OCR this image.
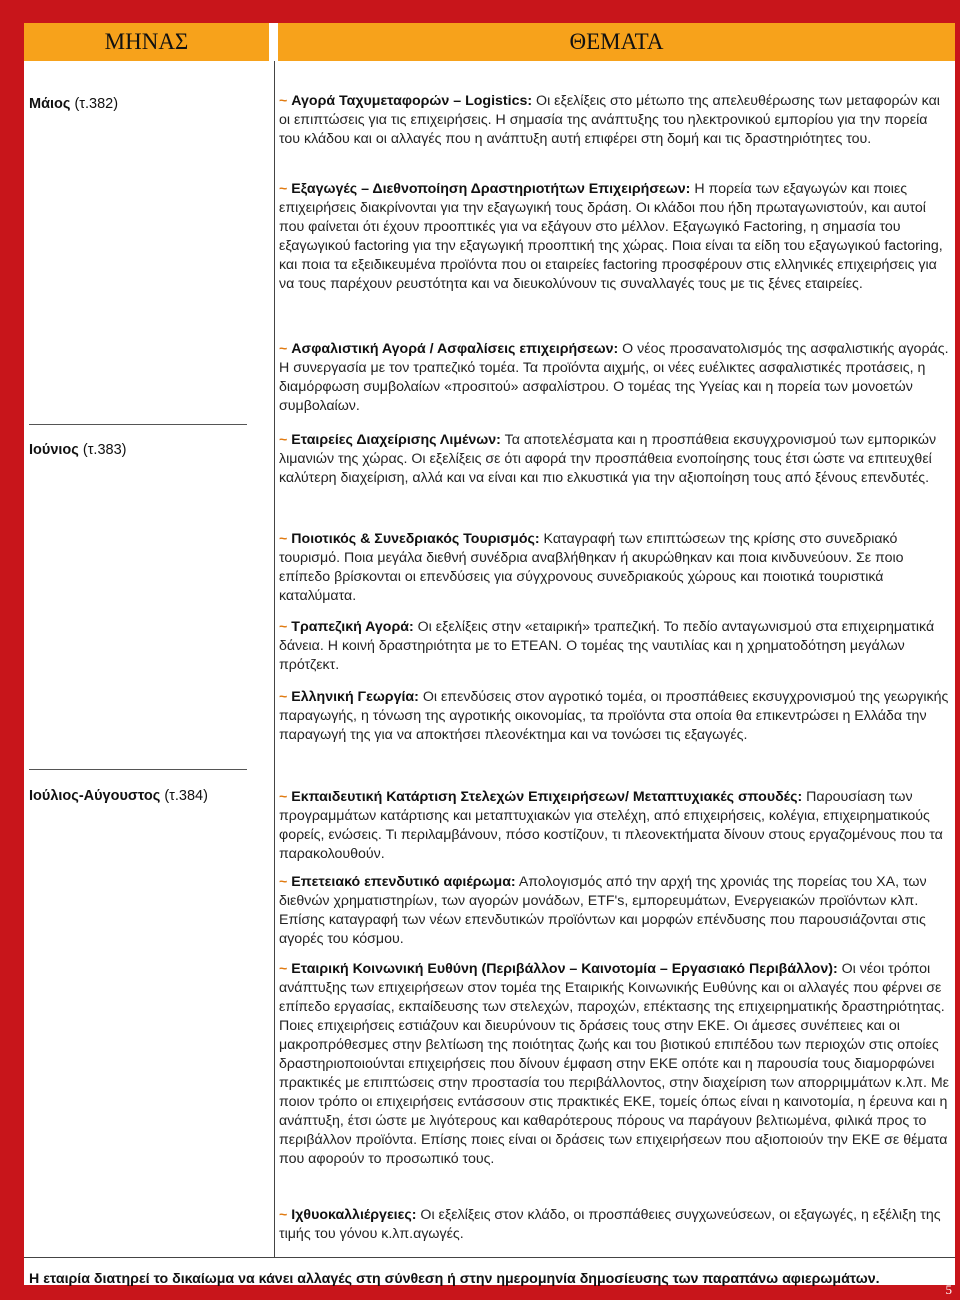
ΜΗΝΑΣ	ΘΕΜΑΤΑ

Μάιος (τ.382)

Ιούνιος (τ.383)

Ιούλιος-Αύγουστος (τ.384)

~ Αγορά Ταχυμεταφορών – Logistics: Οι εξελίξεις στο μέτωπο της απελευθέρωσης των μεταφορών και οι επιπτώσεις για τις επιχειρήσεις. Η σημασία της ανάπτυξης του ηλεκτρονικού εμπορίου για την πορεία του κλάδου και οι αλλαγές που η ανάπτυξη αυτή επιφέρει στη δομή και τις δραστηριότητες του.

~ Εξαγωγές – Διεθνοποίηση Δραστηριοτήτων Επιχειρήσεων: Η πορεία των εξαγωγών και ποιες επιχειρήσεις διακρίνονται για την εξαγωγική τους δράση. Οι κλάδοι που ήδη πρωταγωνιστούν, και αυτοί που φαίνεται ότι έχουν προοπτικές για να εξάγουν στο μέλλον. Εξαγωγικό Factoring, η σημασία του εξαγωγικού factoring για την εξαγωγική προοπτική της χώρας. Ποια είναι τα είδη του εξαγωγικού factoring, και ποια τα εξειδικευμένα προϊόντα που οι εταιρείες factoring προσφέρουν στις ελληνικές επιχειρήσεις για να τους παρέχουν ρευστότητα και να διευκολύνουν τις συναλλαγές τους με τις ξένες εταιρείες.

~ Ασφαλιστική Αγορά / Ασφαλίσεις επιχειρήσεων: Ο νέος προσανατολισμός της ασφαλιστικής αγοράς. Η συνεργασία με τον τραπεζικό τομέα. Τα προϊόντα αιχμής, οι νέες ευέλικτες ασφαλιστικές προτάσεις, η διαμόρφωση συμβολαίων «προσιτού» ασφαλίστρου. Ο τομέας της Υγείας και η πορεία των μονοετών συμβολαίων.

~ Εταιρείες Διαχείρισης Λιμένων: Τα αποτελέσματα και η προσπάθεια εκσυγχρονισμού των εμπορικών λιμανιών της χώρας. Οι εξελίξεις σε ότι αφορά την προσπάθεια ενοποίησης τους έτσι ώστε να επιτευχθεί καλύτερη διαχείριση, αλλά και να είναι και πιο ελκυστικά για την αξιοποίηση τους από ξένους επενδυτές.

~ Ποιοτικός & Συνεδριακός Τουρισμός: Καταγραφή των επιπτώσεων της κρίσης στο συνεδριακό τουρισμό. Ποια μεγάλα διεθνή συνέδρια αναβλήθηκαν ή ακυρώθηκαν και ποια κινδυνεύουν. Σε ποιο επίπεδο βρίσκονται οι επενδύσεις για σύγχρονους συνεδριακούς χώρους και ποιοτικά τουριστικά καταλύματα.

~ Τραπεζική Αγορά: Οι εξελίξεις στην «εταιρική» τραπεζική. Το πεδίο ανταγωνισμού στα επιχειρηματικά δάνεια. Η κοινή δραστηριότητα με το ΕΤΕΑΝ. Ο τομέας της ναυτιλίας και η χρηματοδότηση μεγάλων πρότζεκτ.

~ Ελληνική Γεωργία: Οι επενδύσεις στον αγροτικό τομέα, οι προσπάθειες εκσυγχρονισμού της γεωργικής παραγωγής, η τόνωση της αγροτικής οικονομίας, τα προϊόντα στα οποία θα επικεντρώσει η Ελλάδα την παραγωγή της για να αποκτήσει πλεονέκτημα και να τονώσει τις εξαγωγές.

~ Εκπαιδευτική Κατάρτιση Στελεχών Επιχειρήσεων/ Μεταπτυχιακές σπουδές: Παρουσίαση των προγραμμάτων κατάρτισης και μεταπτυχιακών για στελέχη, από επιχειρήσεις, κολέγια, επιχειρηματικούς φορείς, ενώσεις. Τι περιλαμβάνουν, πόσο κοστίζουν, τι πλεονεκτήματα δίνουν στους εργαζομένους που τα παρακολουθούν.

~ Επετειακό επενδυτικό αφιέρωμα: Απολογισμός από την αρχή της χρονιάς της πορείας του ΧΑ, των διεθνών χρηματιστηρίων, των αγορών μονάδων, ETF's, εμπορευμάτων, Ενεργειακών προϊόντων κλπ. Επίσης καταγραφή των νέων επενδυτικών προϊόντων και μορφών επένδυσης που παρουσιάζονται στις αγορές του κόσμου.

~ Εταιρική Κοινωνική Ευθύνη (Περιβάλλον – Καινοτομία – Εργασιακό Περιβάλλον): Οι νέοι τρόποι ανάπτυξης των επιχειρήσεων στον τομέα της Εταιρικής Κοινωνικής Ευθύνης και οι αλλαγές που φέρνει σε επίπεδο εργασίας, εκπαίδευσης των στελεχών, παροχών, επέκτασης της επιχειρηματικής δραστηριότητας. Ποιες επιχειρήσεις εστιάζουν και διευρύνουν τις δράσεις τους στην ΕΚΕ. Οι άμεσες συνέπειες και οι μακροπρόθεσμες στην βελτίωση της ποιότητας ζωής και του βιοτικού επιπέδου των περιοχών στις οποίες δραστηριοποιούνται επιχειρήσεις που δίνουν έμφαση στην ΕΚΕ οπότε και η παρουσία τους διαμορφώνει πρακτικές με επιπτώσεις στην προστασία του περιβάλλοντος, στην διαχείριση των απορριμμάτων κ.λπ. Με ποιον τρόπο οι επιχειρήσεις εντάσσουν στις πρακτικές ΕΚΕ, τομείς όπως είναι η καινοτομία, η έρευνα και η ανάπτυξη, έτσι ώστε με λιγότερους και καθαρότερους πόρους να παράγουν βελτιωμένα, φιλικά προς το περιβάλλον προϊόντα. Επίσης ποιες είναι οι δράσεις των επιχειρήσεων που αξιοποιούν την ΕΚΕ σε θέματα που αφορούν το προσωπικό τους.

~ Ιχθυοκαλλιέργειες: Οι εξελίξεις στον κλάδο, οι προσπάθειες συγχωνεύσεων, οι εξαγωγές, η εξέλιξη της τιμής του γόνου κ.λπ.αγωγές.

Η εταιρία διατηρεί το δικαίωμα να κάνει αλλαγές στη σύνθεση ή στην ημερομηνία δημοσίευσης των παραπάνω αφιερωμάτων.

5
